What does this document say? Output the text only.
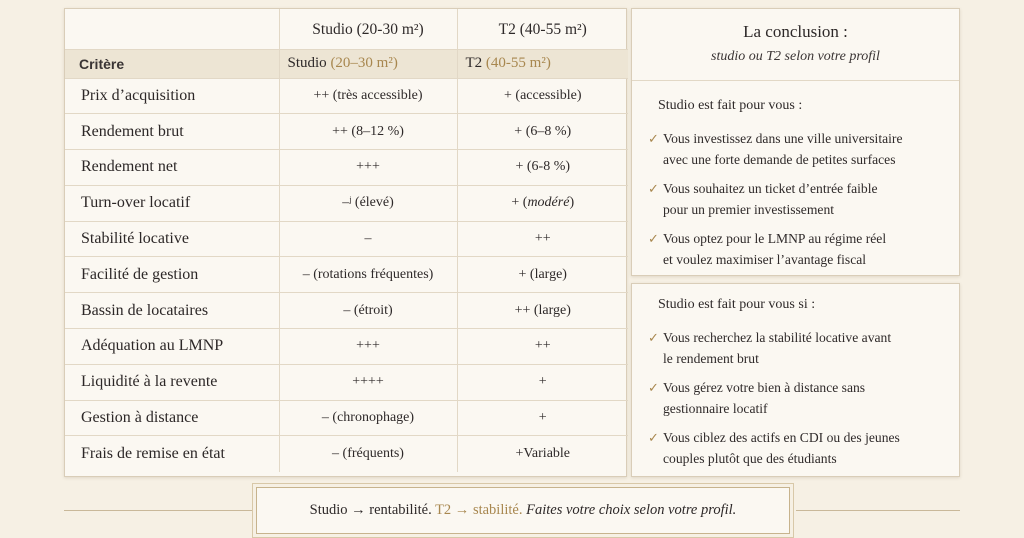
	Studio (20-30 m²)	T2 (40-55 m²)
Critère	Studio (20–30 m²)	T2 (40-55 m²)
Prix d’acquisition	++ (très accessible)	+ (accessible)
Rendement brut	++ (8–12 %)	+ (6–8 %)
Rendement net	+++	+ (6-8 %)
Turn-over locatif	–ʲ (élevé)	+ (modéré)
Stabilité locative	–	++
Facilité de gestion	– (rotations fréquentes)	+ (large)
Bassin de locataires	– (étroit)	++ (large)
Adéquation au LMNP	+++	++
Liquidité à la revente	++++	+
Gestion à distance	– (chronophage)	+
Frais de remise en état	– (fréquents)	+Variable
La conclusion :
studio ou T2 selon votre profil
Studio est fait pour vous :
✓ Vous investissez dans une ville universitaire
avec une forte demande de petites surfaces
✓ Vous souhaitez un ticket d’entrée faible
pour un premier investissement
✓ Vous optez pour le LMNP au régime réel
et voulez maximiser l’avantage fiscal
Studio est fait pour vous si :
✓ Vous recherchez la stabilité locative avant
le rendement brut
✓ Vous gérez votre bien à distance sans
gestionnaire locatif
✓ Vous ciblez des actifs en CDI ou des jeunes
couples plutôt que des étudiants
Studio → rentabilité. T2 → stabilité. Faites votre choix selon votre profil.
